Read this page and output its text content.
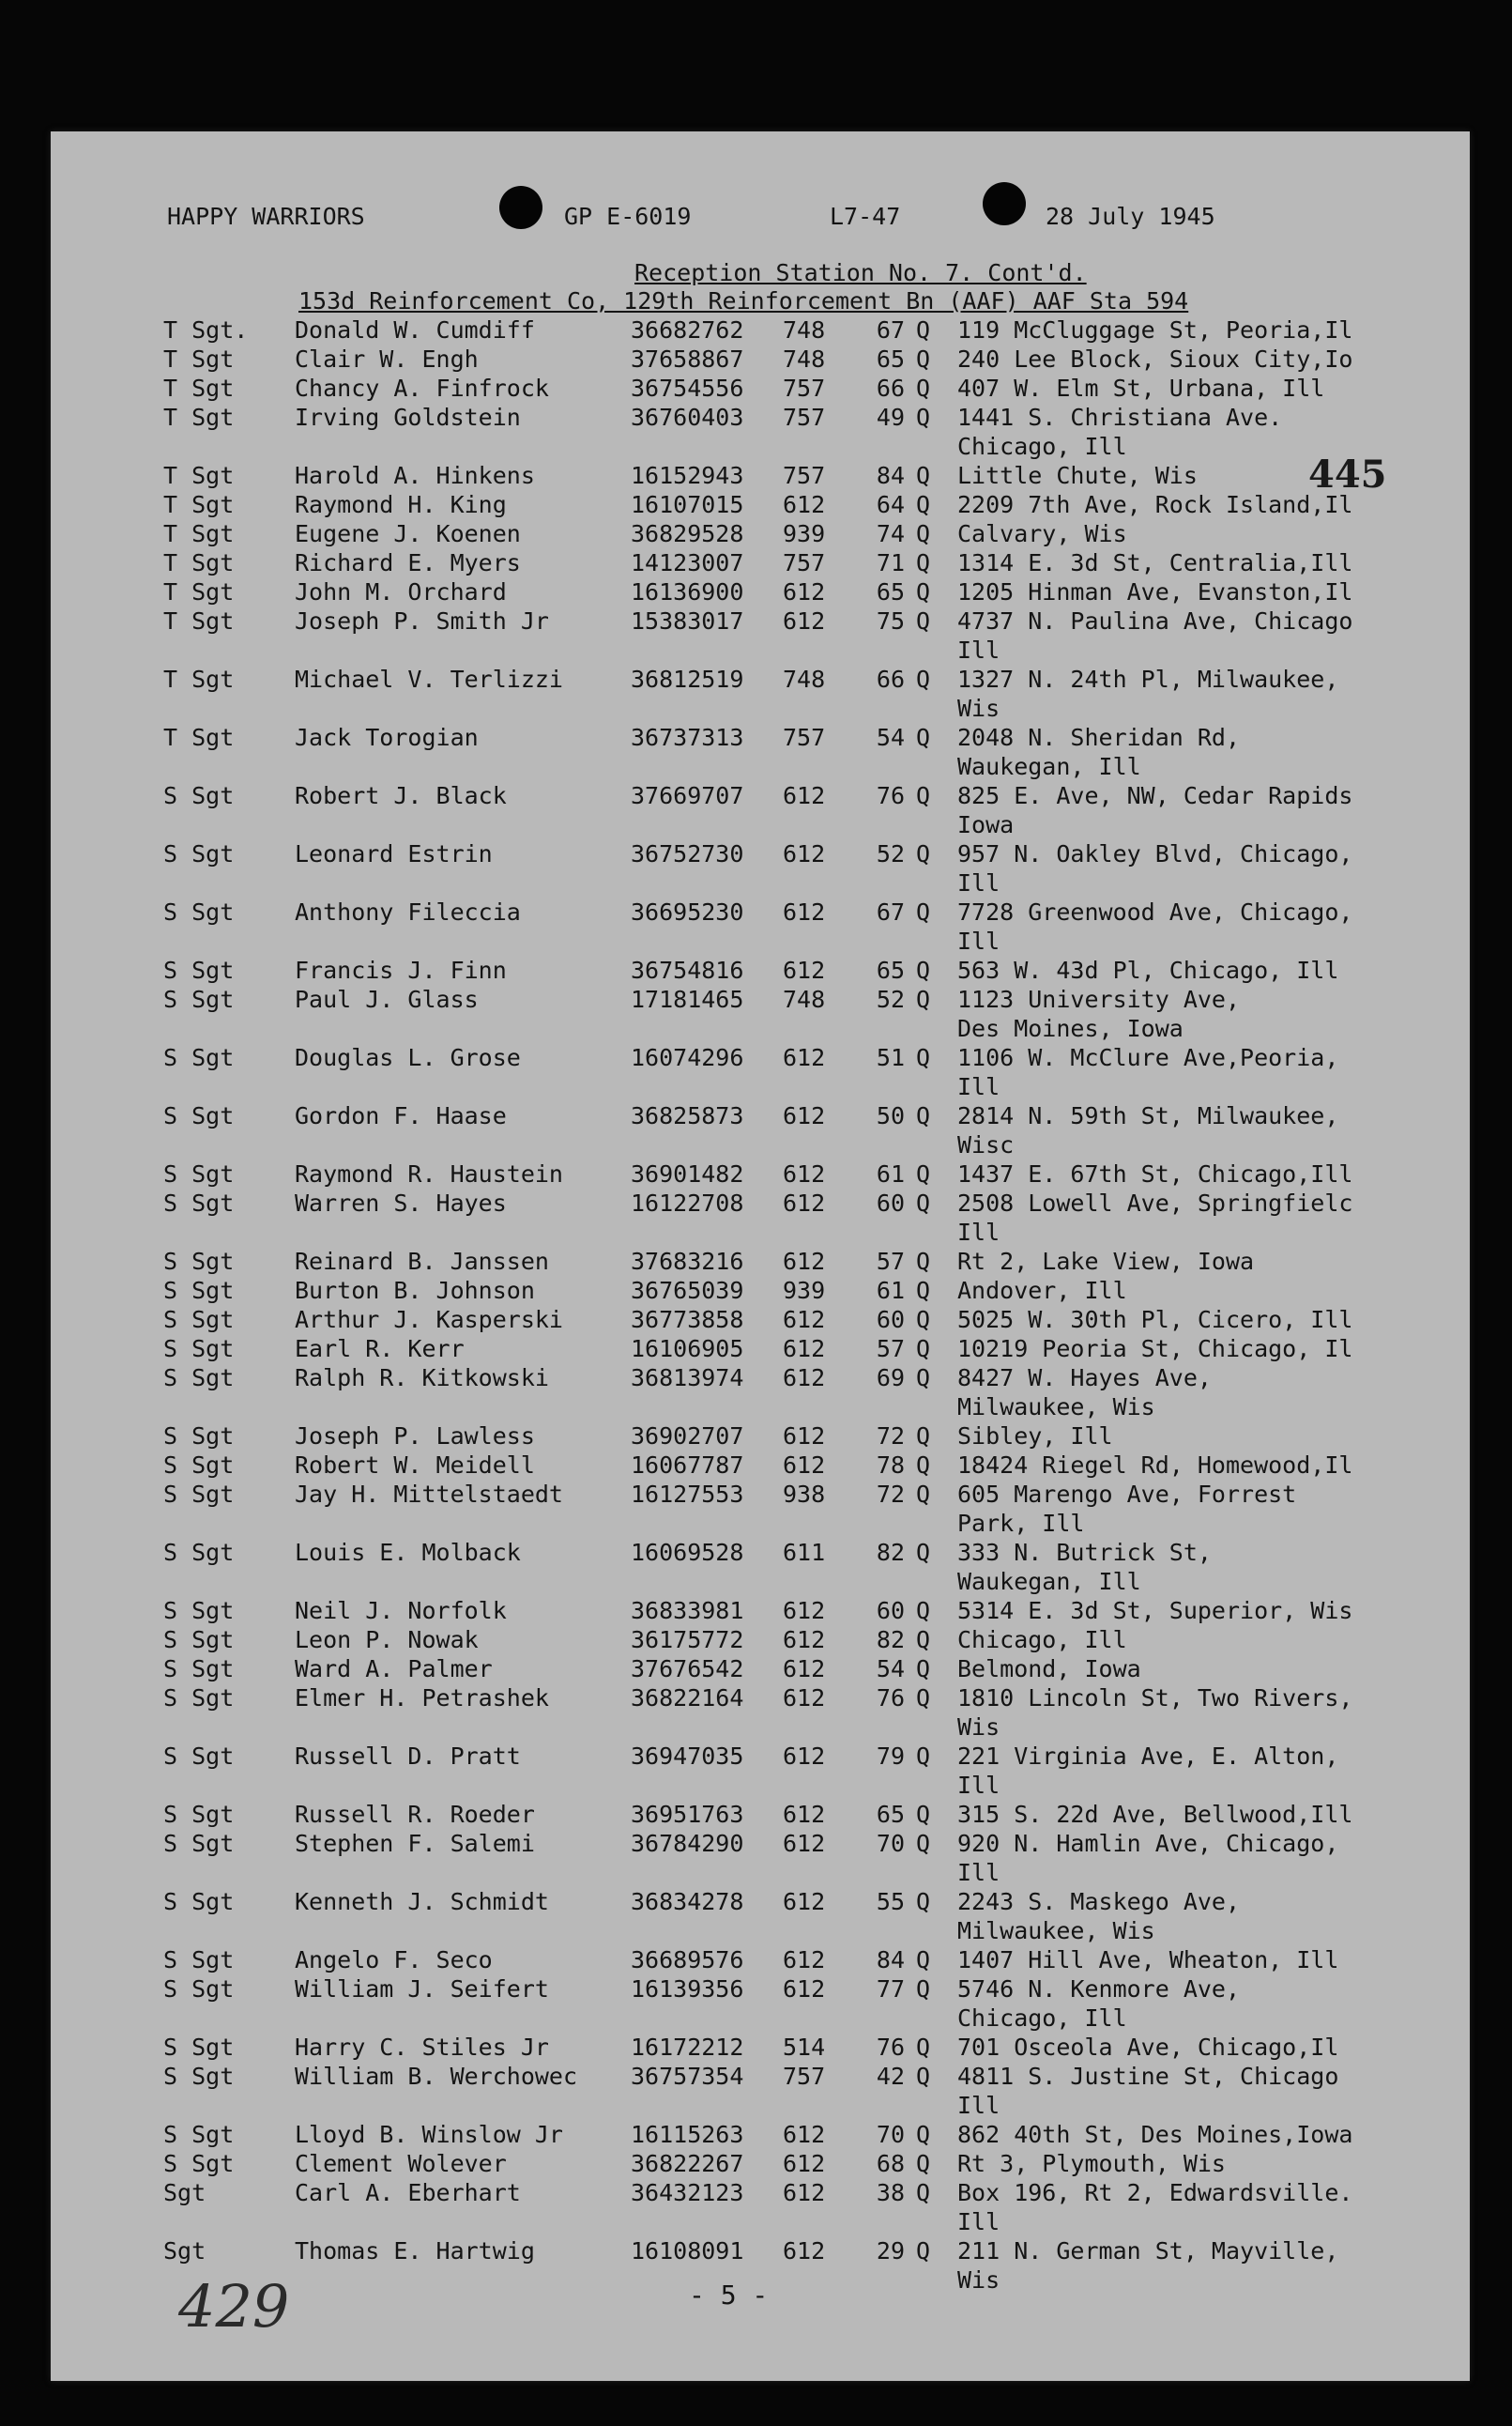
HAPPY WARRIORS	GP E-6019	L7-47	28 July 1945
Reception Station No. 7. Cont'd.
153d Reinforcement Co, 129th Reinforcement Bn (AAF) AAF Sta 594
445
T Sgt. Donald W. Cumdiff	36682762 748	67 Q 119 McCluggage St, Peoria,Il
T Sgt	Clair W. Engh	37658867 748	65 Q 240 Lee Block, Sioux City,Io
T Sgt	Chancy A. Finfrock	36754556 757	66 Q 407 W. Elm St, Urbana, Ill
T Sgt	Irving Goldstein	36760403 757	49 Q 1441 S. Christiana Ave.
Chicago, Ill
T Sgt	Harold A. Hinkens	16152943 757	84 Q Little Chute, Wis
T Sgt	Raymond H. King	16107015 612	64 Q 2209 7th Ave, Rock Island,Il
T Sgt	Eugene J. Koenen	36829528 939	74 Q Calvary, Wis
T Sgt	Richard E. Myers	14123007 757	71 Q 1314 E. 3d St, Centralia,Ill
T Sgt	John M. Orchard	16136900 612	65 Q 1205 Hinman Ave, Evanston,Il
T Sgt	Joseph P. Smith Jr	15383017 612	75 Q 4737 N. Paulina Ave, Chicago
Ill
T Sgt	Michael V. Terlizzi	36812519 748	66 Q 1327 N. 24th Pl, Milwaukee,
Wis
T Sgt	Jack Torogian	36737313 757	54 Q 2048 N. Sheridan Rd,
Waukegan, Ill
S Sgt	Robert J. Black	37669707 612	76 Q 825 E. Ave, NW, Cedar Rapids
Iowa
S Sgt	Leonard Estrin	36752730 612	52 Q 957 N. Oakley Blvd, Chicago,
Ill
S Sgt	Anthony Fileccia	36695230 612	67 Q 7728 Greenwood Ave, Chicago,
Ill
S Sgt	Francis J. Finn	36754816 612	65 Q 563 W. 43d Pl, Chicago, Ill
S Sgt	Paul J. Glass	17181465 748	52 Q 1123 University Ave,
Des Moines, Iowa
S Sgt	Douglas L. Grose	16074296 612	51 Q 1106 W. McClure Ave,Peoria,
Ill
S Sgt	Gordon F. Haase	36825873 612	50 Q 2814 N. 59th St, Milwaukee,
Wisc
S Sgt	Raymond R. Haustein	36901482 612	61 Q 1437 E. 67th St, Chicago,Ill
S Sgt	Warren S. Hayes	16122708 612	60 Q 2508 Lowell Ave, Springfielc
Ill
S Sgt	Reinard B. Janssen	37683216 612	57 Q Rt 2, Lake View, Iowa
S Sgt	Burton B. Johnson	36765039 939	61 Q Andover, Ill
S Sgt	Arthur J. Kasperski	36773858 612	60 Q 5025 W. 30th Pl, Cicero, Ill
S Sgt	Earl R. Kerr	16106905 612	57 Q 10219 Peoria St, Chicago, Il
S Sgt	Ralph R. Kitkowski	36813974 612	69 Q 8427 W. Hayes Ave,
Milwaukee, Wis
S Sgt	Joseph P. Lawless	36902707 612	72 Q Sibley, Ill
S Sgt	Robert W. Meidell	16067787 612	78 Q 18424 Riegel Rd, Homewood,Il
S Sgt	Jay H. Mittelstaedt	16127553 938	72 Q 605 Marengo Ave, Forrest
Park, Ill
S Sgt	Louis E. Molback	16069528 611	82 Q 333 N. Butrick St,
Waukegan, Ill
S Sgt	Neil J. Norfolk	36833981 612	60 Q 5314 E. 3d St, Superior, Wis
S Sgt	Leon P. Nowak	36175772 612	82 Q Chicago, Ill
S Sgt	Ward A. Palmer	37676542 612	54 Q Belmond, Iowa
S Sgt	Elmer H. Petrashek	36822164 612	76 Q 1810 Lincoln St, Two Rivers,
Wis
S Sgt	Russell D. Pratt	36947035 612	79 Q 221 Virginia Ave, E. Alton,
Ill
S Sgt	Russell R. Roeder	36951763 612	65 Q 315 S. 22d Ave, Bellwood,Ill
S Sgt	Stephen F. Salemi	36784290 612	70 Q 920 N. Hamlin Ave, Chicago,
Ill
S Sgt	Kenneth J. Schmidt	36834278 612	55 Q 2243 S. Maskego Ave,
Milwaukee, Wis
S Sgt	Angelo F. Seco	36689576 612	84 Q 1407 Hill Ave, Wheaton, Ill
S Sgt	William J. Seifert	16139356 612	77 Q 5746 N. Kenmore Ave,
Chicago, Ill
S Sgt	Harry C. Stiles Jr	16172212 514	76 Q 701 Osceola Ave, Chicago,Il
S Sgt	William B. Werchowec 36757354 757	42 Q 4811 S. Justine St, Chicago
Ill
S Sgt	Lloyd B. Winslow Jr	16115263 612	70 Q 862 40th St, Des Moines,Iowa
S Sgt	Clement Wolever	36822267 612	68 Q Rt 3, Plymouth, Wis
Sgt	Carl A. Eberhart	36432123 612	38 Q Box 196, Rt 2, Edwardsville.
Ill
Sgt	Thomas E. Hartwig	16108091 612	29 Q 211 N. German St, Mayville,
Wis
- 5 -
429
